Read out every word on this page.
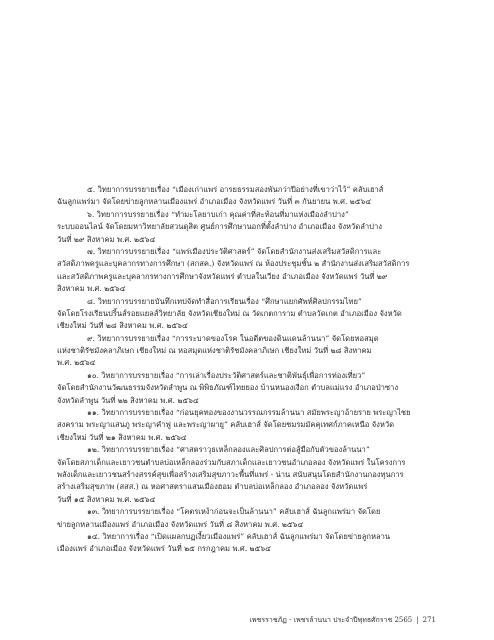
๕. วิทยาการบรรยายเรื่อง “เมืองเก่าแพร่ อารยธรรมสองพันกว่าปีอย่างที่เขาว่าไว้” คลับเฮาส์
ฉันลูกแพร่มา จัดโดยข่ายลูกหลานเมืองแพร่ อำเภอเมือง จังหวัดแพร่ วันที่ ๓ กันยายน พ.ศ. ๒๕๖๔
๖. วิทยาการบรรยายเรื่อง “ทำมะโลยาบเก่า คุณค่าที่สะท้อนที่มาแห่งเมืองลำปาง”
ระบบออนไลน์ จัดโดยมหาวิทยาลัยสวนดุสิต ศูนย์การศึกษานอกที่ตั้งลำปาง อำเภอเมือง จังหวัดลำปาง
วันที่ ๒๙ สิงหาคม พ.ศ. ๒๕๖๔
๗. วิทยาการบรรยายเรื่อง “แพร่เมืองประวัติศาสตร์” จัดโดยสำนักงานส่งเสริมสวัสดิการและ
สวัสดิภาพครูและบุคลากรทางการศึกษา (สกสค.) จังหวัดแพร่ ณ ห้องประชุมชั้น ๒ สำนักงานส่งเสริมสวัสดิการ
และสวัสดิภาพครูและบุคลากรทางการศึกษาจังหวัดแพร่ ตำบลในเวียง อำเภอเมือง จังหวัดแพร่ วันที่ ๒๙
สิงหาคม พ.ศ. ๒๕๖๔
๘. วิทยาการบรรยายบันทึกเทปจัดทำสื่อการเรียนเรื่อง “ศึกษาแยกศัพท์ศิลปกรรมไทย”
จัดโดยโรงเรียนปริ้นส์รอยแยลส์วิทยาลัย จังหวัดเชียงใหม่ ณ วัดเกตการาม ตำบลวัดเกต อำเภอเมือง จังหวัด
เชียงใหม่ วันที่ ๒๘ สิงหาคม พ.ศ. ๒๕๖๔
๙. วิทยาการบรรยายเรื่อง “การระบาดของโรค ในอดีตของดินแดนล้านนา” จัดโดยหอสมุด
แห่งชาติรัชมังคลาภิเษก เชียงใหม่ ณ หอสมุดแห่งชาติรัชมังคลาภิเษก เชียงใหม่ วันที่ ๒๘ สิงหาคม
พ.ศ. ๒๕๖๔
๑๐. วิทยาการบรรยายเรื่อง “การเล่าเรื่องประวัติศาสตร์และชาติพันธุ์เพื่อการท่องเที่ยว”
จัดโดยสำนักงานวัฒนธรรมจังหวัดลำพูน ณ พิพิธภัณฑ์ไทยยอง บ้านหนองเงือก ตำบลแม่แรง อำเภอป่าซาง
จังหวัดลำพูน วันที่ ๒๒ สิงหาคม พ.ศ. ๒๕๖๔
๑๑. วิทยาการบรรยายเรื่อง “ก่อนยุคทองของงานวรรณกรรมล้านนา สมัยพระญาอ้ายราย พระญาไชย
สงคราม พระญาแสนภู พระญาคำฟู และพระญาผายู” คลับเฮาส์ จัดโดยชมรมมัคคุเทศก์ภาคเหนือ จังหวัด
เชียงใหม่ วันที่ ๒๑ สิงหาคม พ.ศ. ๒๕๖๔
๑๒. วิทยาการบรรยายเรื่อง “ศาสตราวุธเหล็กลองและศิลปการต่อสู้มือกับตัวของล้านนา”
จัดโดยสภาเด็กและเยาวชนตำบลบ่อเหล็กลองร่วมกับสภาเด็กและเยาวชนอำเภอลอง จังหวัดแพร่ ในโครงการ
พลังเด็กและเยาวชนสร้างสรรค์สุขเพื่อสร้างเสริมสุขภาวะพื้นที่แพร่ - น่าน สนับสนุนโดยสำนักงานกองทุนการ
สร้างเสริมสุขภาพ (สสส.) ณ หอศาสตราแสนเมืองฮอม ตำบลบ่อเหล็กลอง อำเภอลอง จังหวัดแพร่
วันที่ ๑๕ สิงหาคม พ.ศ. ๒๕๖๔
๑๓. วิทยาการบรรยายเรื่อง “โคตรเหง้าก่อนจะเป็นล้านนา” คลับเฮาส์ ฉันลูกแพร่มา จัดโดย
ข่ายลูกหลานเมืองแพร่ อำเภอเมือง จังหวัดแพร่ วันที่ ๘ สิงหาคม พ.ศ. ๒๕๖๔
๑๔. วิทยาการเรื่อง “เปิดแผลกบฏเงี้ยวเมืองแพร่” คลับเฮาส์ ฉันลูกแพร่มา จัดโดยข่ายลูกหลาน
เมืองแพร่ อำเภอเมือง จังหวัดแพร่ วันที่ ๒๕ กรกฎาคม พ.ศ. ๒๕๖๔
เพชรราชภัฏ - เพชรล้านนา ประจำปีพุทธศักราช 2565 | 271
